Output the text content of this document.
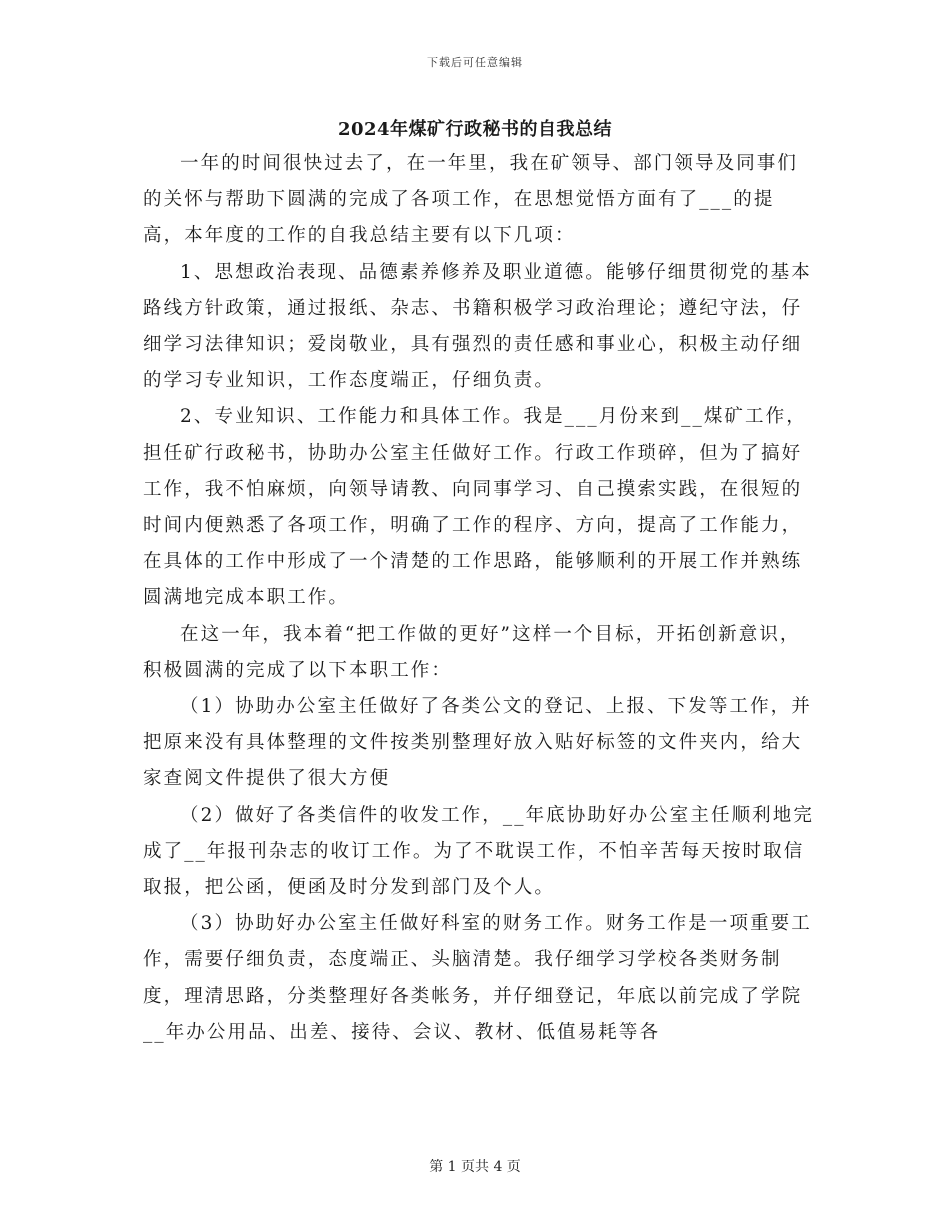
下载后可任意编辑
2024年煤矿行政秘书的自我总结

一年的时间很快过去了，在一年里，我在矿领导、部门领导及同事们的关怀与帮助下圆满的完成了各项工作，在思想觉悟方面有了___的提高，本年度的工作的自我总结主要有以下几项：

1、思想政治表现、品德素养修养及职业道德。能够仔细贯彻党的基本路线方针政策，通过报纸、杂志、书籍积极学习政治理论；遵纪守法，仔细学习法律知识；爱岗敬业，具有强烈的责任感和事业心，积极主动仔细的学习专业知识，工作态度端正，仔细负责。

2、专业知识、工作能力和具体工作。我是___月份来到__煤矿工作，担任矿行政秘书，协助办公室主任做好工作。行政工作琐碎，但为了搞好工作，我不怕麻烦，向领导请教、向同事学习、自己摸索实践，在很短的时间内便熟悉了各项工作，明确了工作的程序、方向，提高了工作能力，在具体的工作中形成了一个清楚的工作思路，能够顺利的开展工作并熟练圆满地完成本职工作。

在这一年，我本着“把工作做的更好”这样一个目标，开拓创新意识，积极圆满的完成了以下本职工作：

（1）协助办公室主任做好了各类公文的登记、上报、下发等工作，并把原来没有具体整理的文件按类别整理好放入贴好标签的文件夹内，给大家查阅文件提供了很大方便

（2）做好了各类信件的收发工作，__年底协助好办公室主任顺利地完成了__年报刊杂志的收订工作。为了不耽误工作，不怕辛苦每天按时取信取报，把公函，便函及时分发到部门及个人。

（3）协助好办公室主任做好科室的财务工作。财务工作是一项重要工作，需要仔细负责，态度端正、头脑清楚。我仔细学习学校各类财务制度，理清思路，分类整理好各类帐务，并仔细登记，年底以前完成了学院__年办公用品、出差、接待、会议、教材、低值易耗等各

第 1 页共 4 页
